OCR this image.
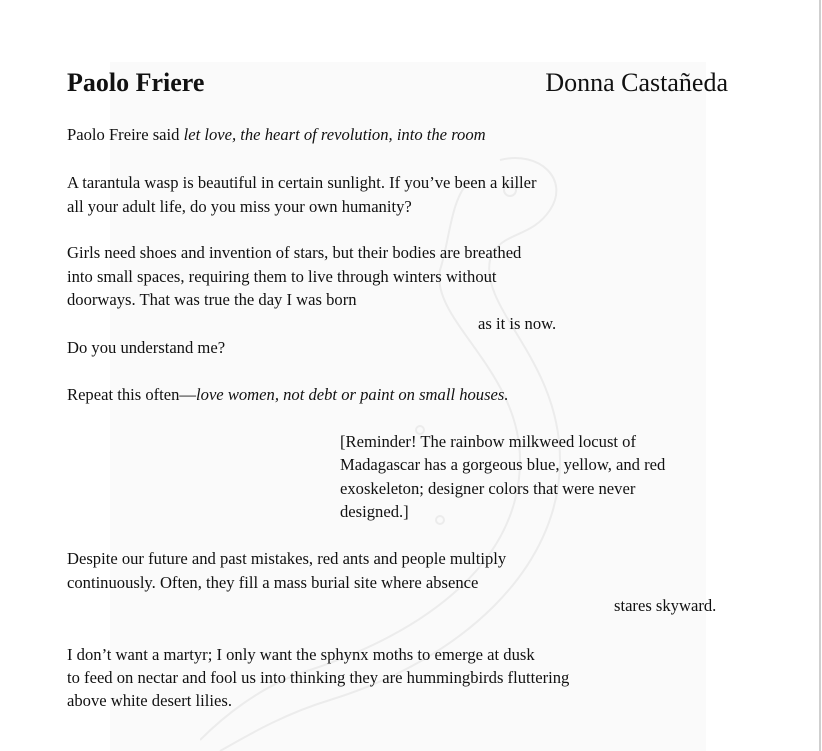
Paolo Friere	Donna Castañeda
Paolo Freire said let love, the heart of revolution, into the room
A tarantula wasp is beautiful in certain sunlight. If you’ve been a killer
all your adult life, do you miss your own humanity?
Girls need shoes and invention of stars, but their bodies are breathed
into small spaces, requiring them to live through winters without
doorways. That was true the day I was born
as it is now.
Do you understand me?
Repeat this often—love women, not debt or paint on small houses.
[Reminder! The rainbow milkweed locust of
Madagascar has a gorgeous blue, yellow, and red
exoskeleton; designer colors that were never
designed.]
Despite our future and past mistakes, red ants and people multiply
continuously. Often, they fill a mass burial site where absence
stares skyward.
I don’t want a martyr; I only want the sphynx moths to emerge at dusk
to feed on nectar and fool us into thinking they are hummingbirds fluttering
above white desert lilies.
